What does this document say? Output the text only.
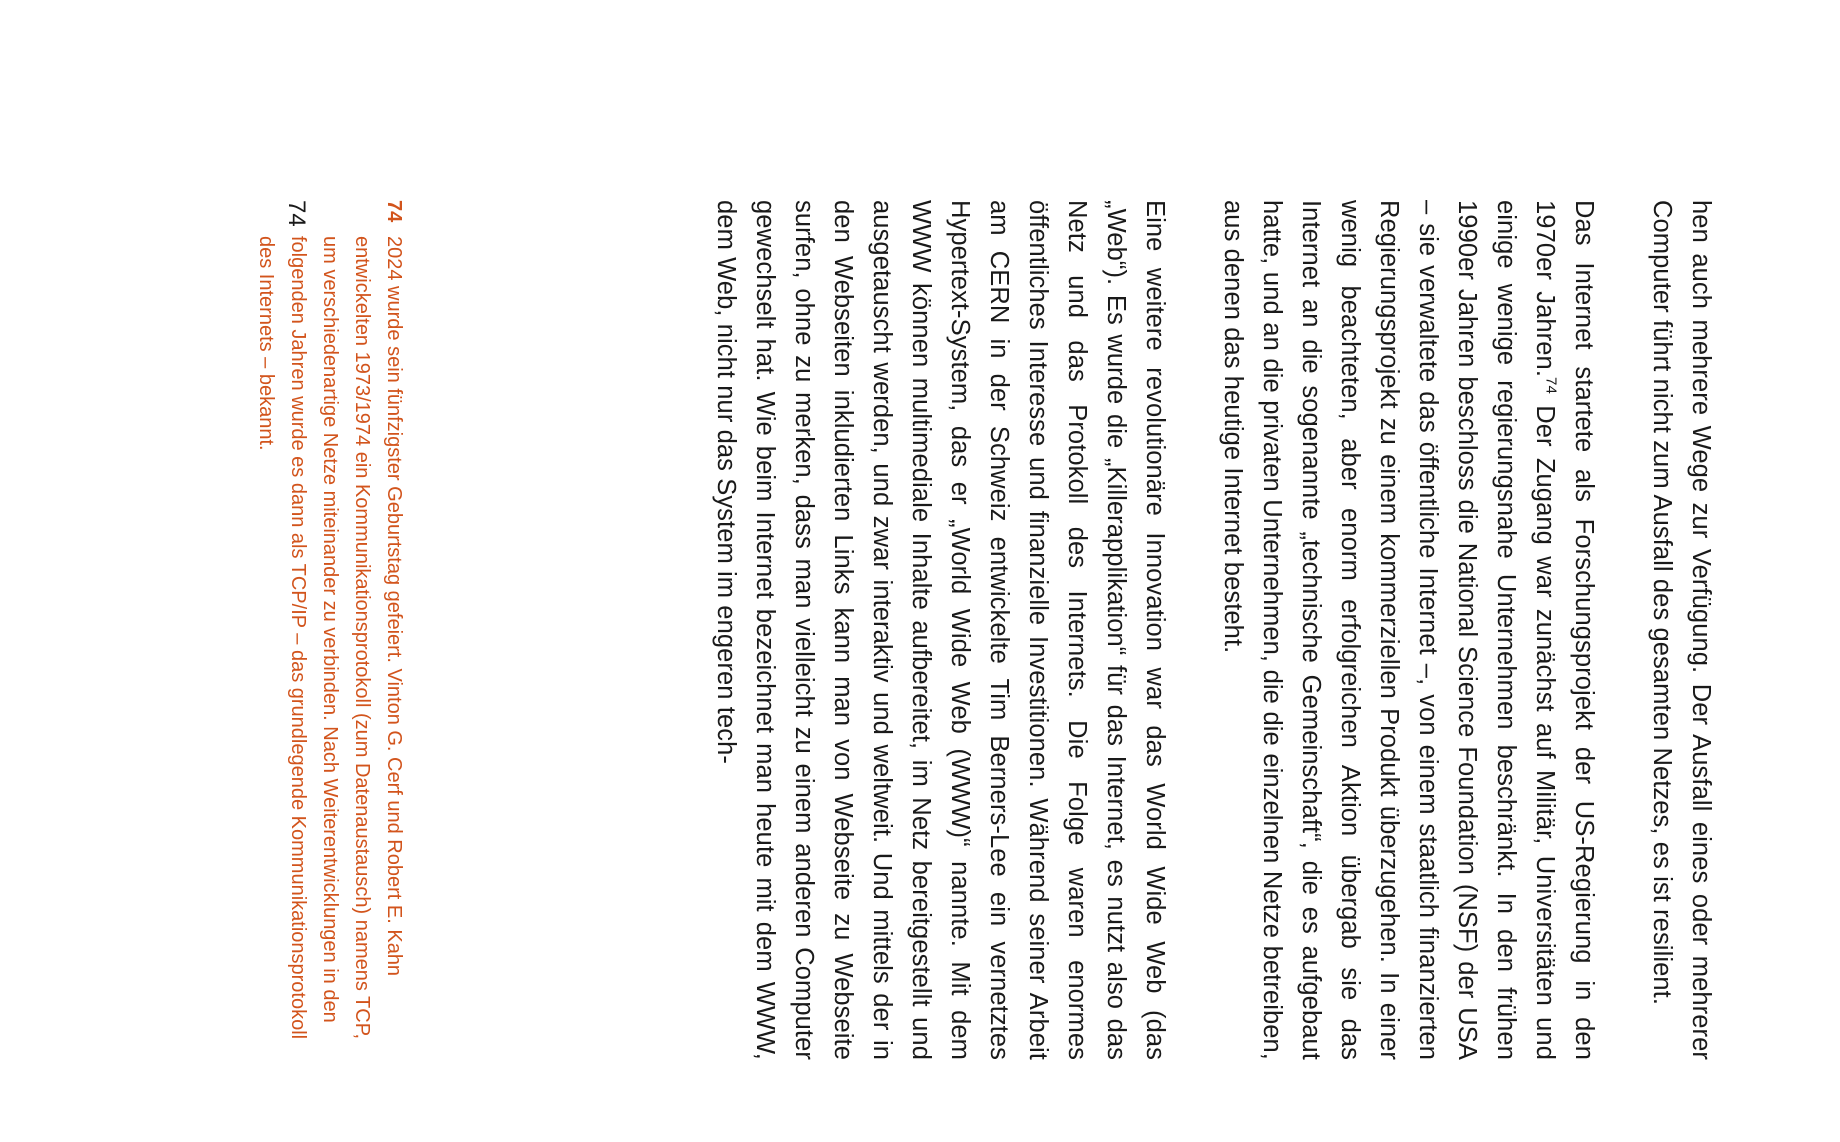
hen auch mehrere Wege zur Verfügung. Der Ausfall eines oder mehrerer Computer führt nicht zum Ausfall des gesamten Netzes, es ist resilient.

Das Internet startete als Forschungsprojekt der US-Regierung in den 1970er Jahren.$^{74}$ Der Zugang war zunächst auf Militär, Universitäten und einige wenige regierungsnahe Unternehmen beschränkt. In den frühen 1990er Jahren beschloss die National Science Foundation (NSF) der USA – sie verwaltete das öffentliche Internet –, von einem staatlich finanzierten Regierungsprojekt zu einem kommerziellen Produkt überzugehen. In einer wenig beachteten, aber enorm erfolgreichen Aktion übergab sie das Internet an die sogenannte „technische Gemeinschaft“, die es aufgebaut hatte, und an die privaten Unternehmen, die die einzelnen Netze betreiben, aus denen das heutige Internet besteht.

Eine weitere revolutionäre Innovation war das World Wide Web (das „Web“). Es wurde die „Killerapplikation“ für das Internet, es nutzt also das Netz und das Protokoll des Internets. Die Folge waren enormes öffentliches Interesse und finanzielle Investitionen. Während seiner Arbeit am CERN in der Schweiz entwickelte Tim Berners-Lee ein vernetztes Hypertext-System, das er „World Wide Web (WWW)“ nannte. Mit dem WWW können multimediale Inhalte aufbereitet, im Netz bereitgestellt und ausgetauscht werden, und zwar interaktiv und weltweit. Und mittels der in den Webseiten inkludierten Links kann man von Webseite zu Webseite surfen, ohne zu merken, dass man vielleicht zu einem anderen Computer gewechselt hat. Wie beim Internet bezeichnet man heute mit dem WWW, dem Web, nicht nur das System im engeren tech-

742024 wurde sein fünfzigster Geburtstag gefeiert. Vinton G. Cerf und Robert E. Kahn entwickelten 1973/1974 ein Kommunikationsprotokoll (zum Datenaustausch) namens TCP, um verschiedenartige Netze miteinander zu verbinden. Nach Weiterentwicklungen in den folgenden Jahren wurde es dann als TCP/IP – das grundlegende Kommunikationsprotokoll des Internets – bekannt.
74
